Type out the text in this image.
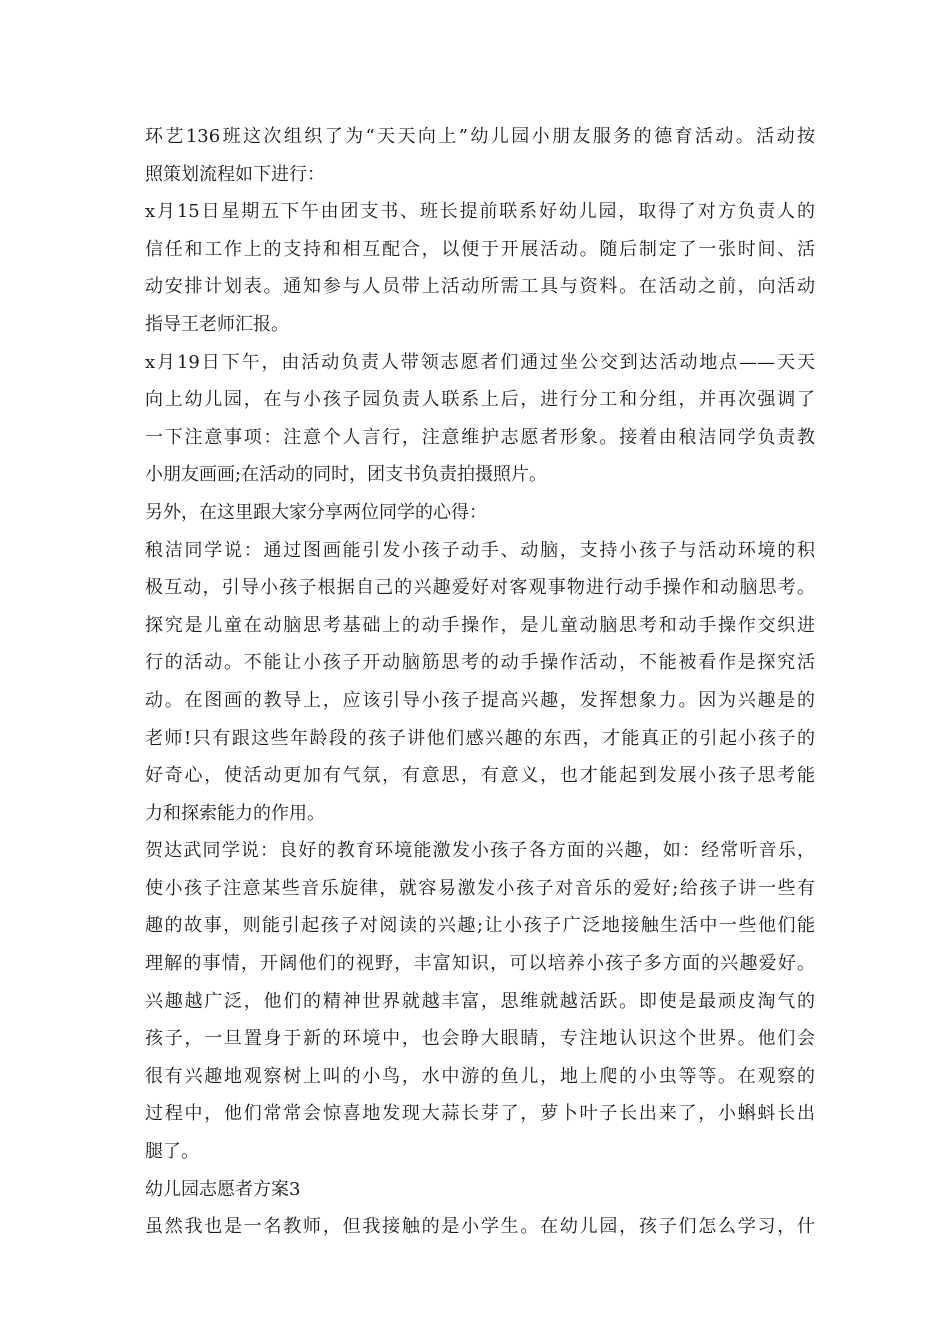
环艺136班这次组织了为“天天向上”幼儿园小朋友服务的德育活动。活动按
照策划流程如下进行：
x月15日星期五下午由团支书、班长提前联系好幼儿园，取得了对方负责人的
信任和工作上的支持和相互配合，以便于开展活动。随后制定了一张时间、活
动安排计划表。通知参与人员带上活动所需工具与资料。在活动之前，向活动
指导王老师汇报。
x月19日下午，由活动负责人带领志愿者们通过坐公交到达活动地点——天天
向上幼儿园，在与小孩子园负责人联系上后，进行分工和分组，并再次强调了
一下注意事项：注意个人言行，注意维护志愿者形象。接着由稂洁同学负责教
小朋友画画;在活动的同时，团支书负责拍摄照片。
另外，在这里跟大家分享两位同学的心得：
稂洁同学说：通过图画能引发小孩子动手、动脑，支持小孩子与活动环境的积
极互动，引导小孩子根据自己的兴趣爱好对客观事物进行动手操作和动脑思考。
探究是儿童在动脑思考基础上的动手操作，是儿童动脑思考和动手操作交织进
行的活动。不能让小孩子开动脑筋思考的动手操作活动，不能被看作是探究活
动。在图画的教导上，应该引导小孩子提高兴趣，发挥想象力。因为兴趣是的
老师!只有跟这些年龄段的孩子讲他们感兴趣的东西，才能真正的引起小孩子的
好奇心，使活动更加有气氛，有意思，有意义，也才能起到发展小孩子思考能
力和探索能力的作用。
贺达武同学说：良好的教育环境能激发小孩子各方面的兴趣，如：经常听音乐，
使小孩子注意某些音乐旋律，就容易激发小孩子对音乐的爱好;给孩子讲一些有
趣的故事，则能引起孩子对阅读的兴趣;让小孩子广泛地接触生活中一些他们能
理解的事情，开阔他们的视野，丰富知识，可以培养小孩子多方面的兴趣爱好。
兴趣越广泛，他们的精神世界就越丰富，思维就越活跃。即使是最顽皮淘气的
孩子，一旦置身于新的环境中，也会睁大眼睛，专注地认识这个世界。他们会
很有兴趣地观察树上叫的小鸟，水中游的鱼儿，地上爬的小虫等等。在观察的
过程中，他们常常会惊喜地发现大蒜长芽了，萝卜叶子长出来了，小蝌蚪长出
腿了。
幼儿园志愿者方案3
虽然我也是一名教师，但我接触的是小学生。在幼儿园，孩子们怎么学习，什
